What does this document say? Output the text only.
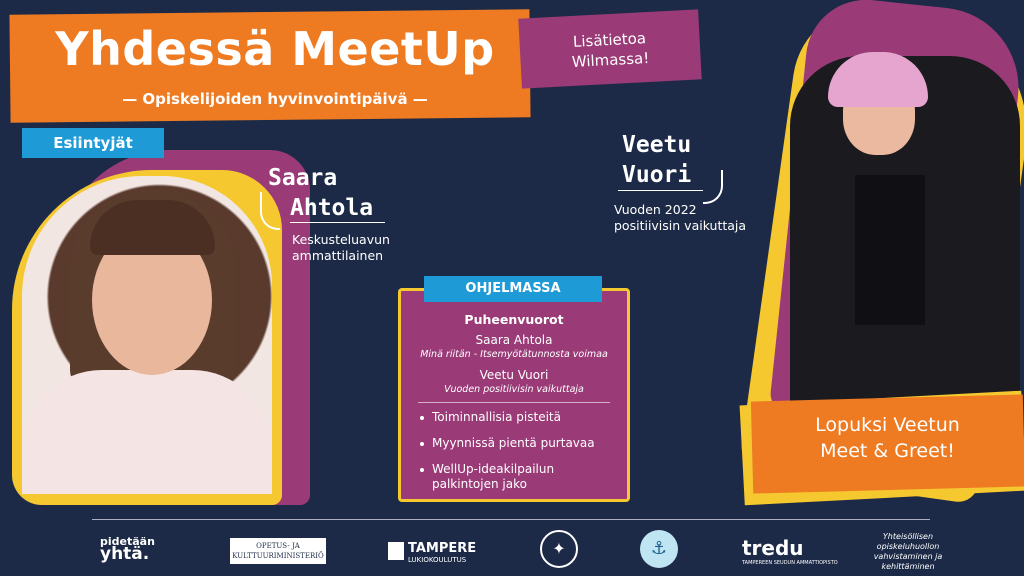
Yhdessä MeetUp
— Opiskelijoiden hyvinvointipäivä —
Lisätietoa
Wilmassa!
Esiintyjät
Saara
Ahtola
Keskusteluavun
ammattilainen
Veetu
Vuori
Vuoden 2022
positiivisin vaikuttaja
Lopuksi Veetun
Meet & Greet!
OHJELMASSA
Puheenvuorot
Saara Ahtola
Minä riitän - Itsemyötätunnosta voimaa
Veetu Vuori
Vuoden positiivisin vaikuttaja
Toiminnallisia pisteitä
Myynnissä pientä purtavaa
WellUp-ideakilpailun palkintojen jako
pidetään
yhtä.	OPETUS- JA
KULTTUURIMINISTERIÖ	TAMPERE
LUKIOKOULUTUS
✦	⚓	tredu
TAMPEREEN SEUDUN AMMATTIOPISTO
Yhteisöllisen opiskeluhuollon vahvistaminen ja kehittäminen
